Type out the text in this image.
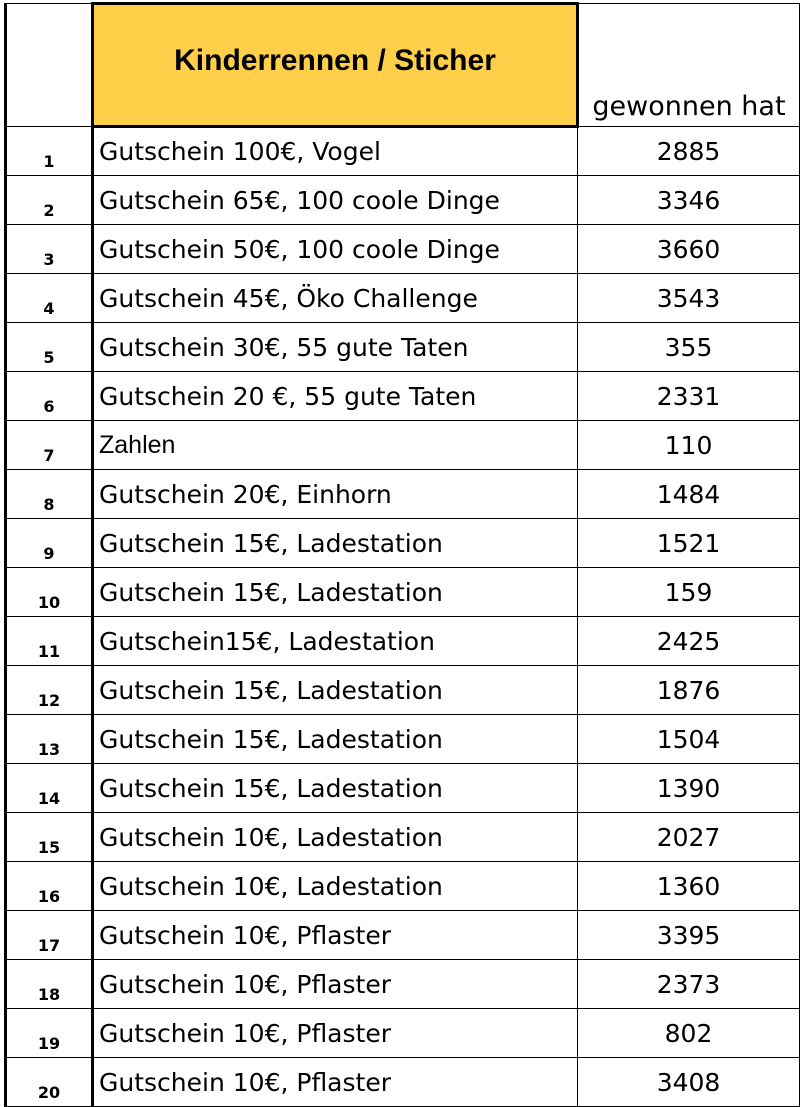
	Kinderrennen / Sticher	gewonnen hat
1	Gutschein 100€, Vogel	2885
2	Gutschein 65€, 100 coole Dinge	3346
3	Gutschein 50€, 100 coole Dinge	3660
4	Gutschein 45€, Öko Challenge	3543
5	Gutschein 30€, 55 gute Taten	355
6	Gutschein 20 €, 55 gute Taten	2331
7	Zahlen	110
8	Gutschein 20€, Einhorn	1484
9	Gutschein 15€, Ladestation	1521
10	Gutschein 15€, Ladestation	159
11	Gutschein15€, Ladestation	2425
12	Gutschein 15€, Ladestation	1876
13	Gutschein 15€, Ladestation	1504
14	Gutschein 15€, Ladestation	1390
15	Gutschein 10€, Ladestation	2027
16	Gutschein 10€, Ladestation	1360
17	Gutschein 10€, Pflaster	3395
18	Gutschein 10€, Pflaster	2373
19	Gutschein 10€, Pflaster	802
20	Gutschein 10€, Pflaster	3408
